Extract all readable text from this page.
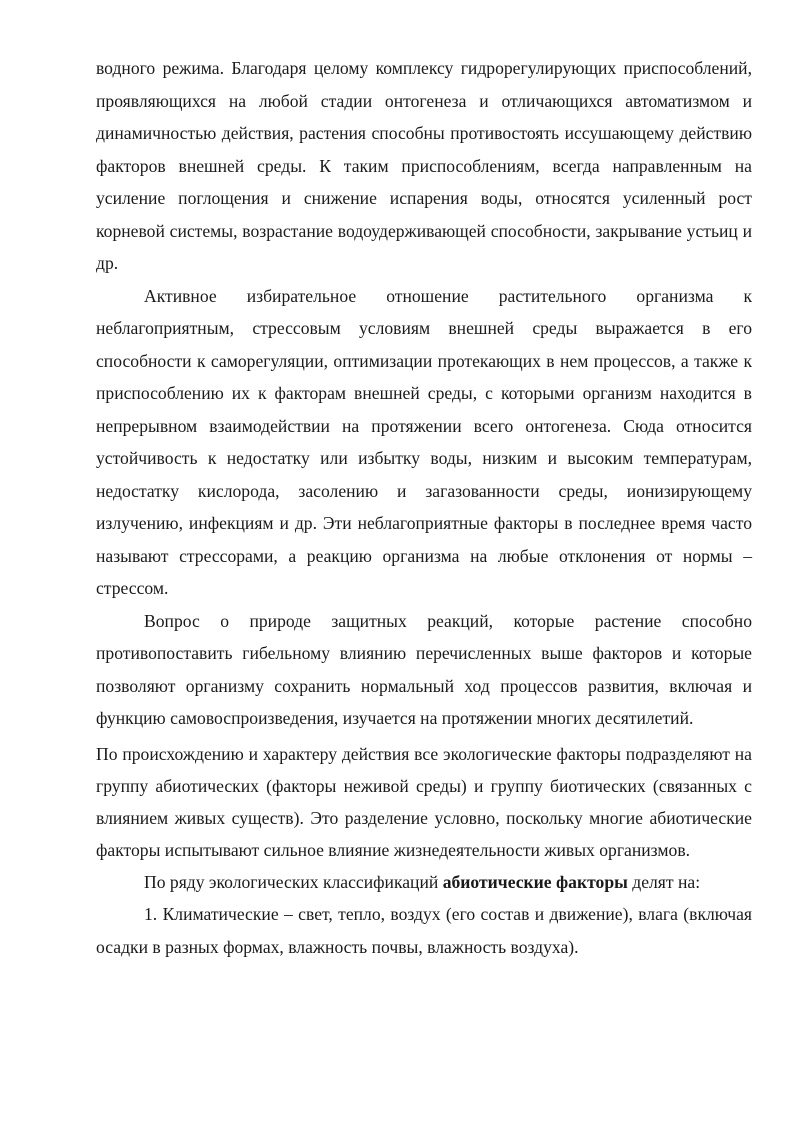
водного режима. Благодаря целому комплексу гидрорегулирующих приспособлений, проявляющихся на любой стадии онтогенеза и отличающихся автоматизмом и динамичностью действия, растения способны противостоять иссушающему действию факторов внешней среды. К таким приспособлениям, всегда направленным на усиление поглощения и снижение испарения воды, относятся усиленный рост корневой системы, возрастание водоудерживающей способности, закрывание устьиц и др.

Активное избирательное отношение растительного организма к неблагоприятным, стрессовым условиям внешней среды выражается в его способности к саморегуляции, оптимизации протекающих в нем процессов, а также к приспособлению их к факторам внешней среды, с которыми организм находится в непрерывном взаимодействии на протяжении всего онтогенеза. Сюда относится устойчивость к недостатку или избытку воды, низким и высоким температурам, недостатку кислорода, засолению и загазованности среды, ионизирующему излучению, инфекциям и др. Эти неблагоприятные факторы в последнее время часто называют стрессорами, а реакцию организма на любые отклонения от нормы – стрессом.

Вопрос о природе защитных реакций, которые растение способно противопоставить гибельному влиянию перечисленных выше факторов и которые позволяют организму сохранить нормальный ход процессов развития, включая и функцию самовоспроизведения, изучается на протяжении многих десятилетий.

По происхождению и характеру действия все экологические факторы подразделяют на группу абиотических (факторы неживой среды) и группу биотических (связанных с влиянием живых существ). Это разделение условно, поскольку многие абиотические факторы испытывают сильное влияние жизнедеятельности живых организмов.

По ряду экологических классификаций абиотические факторы делят на:

1. Климатические – свет, тепло, воздух (его состав и движение), влага (включая осадки в разных формах, влажность почвы, влажность воздуха).
